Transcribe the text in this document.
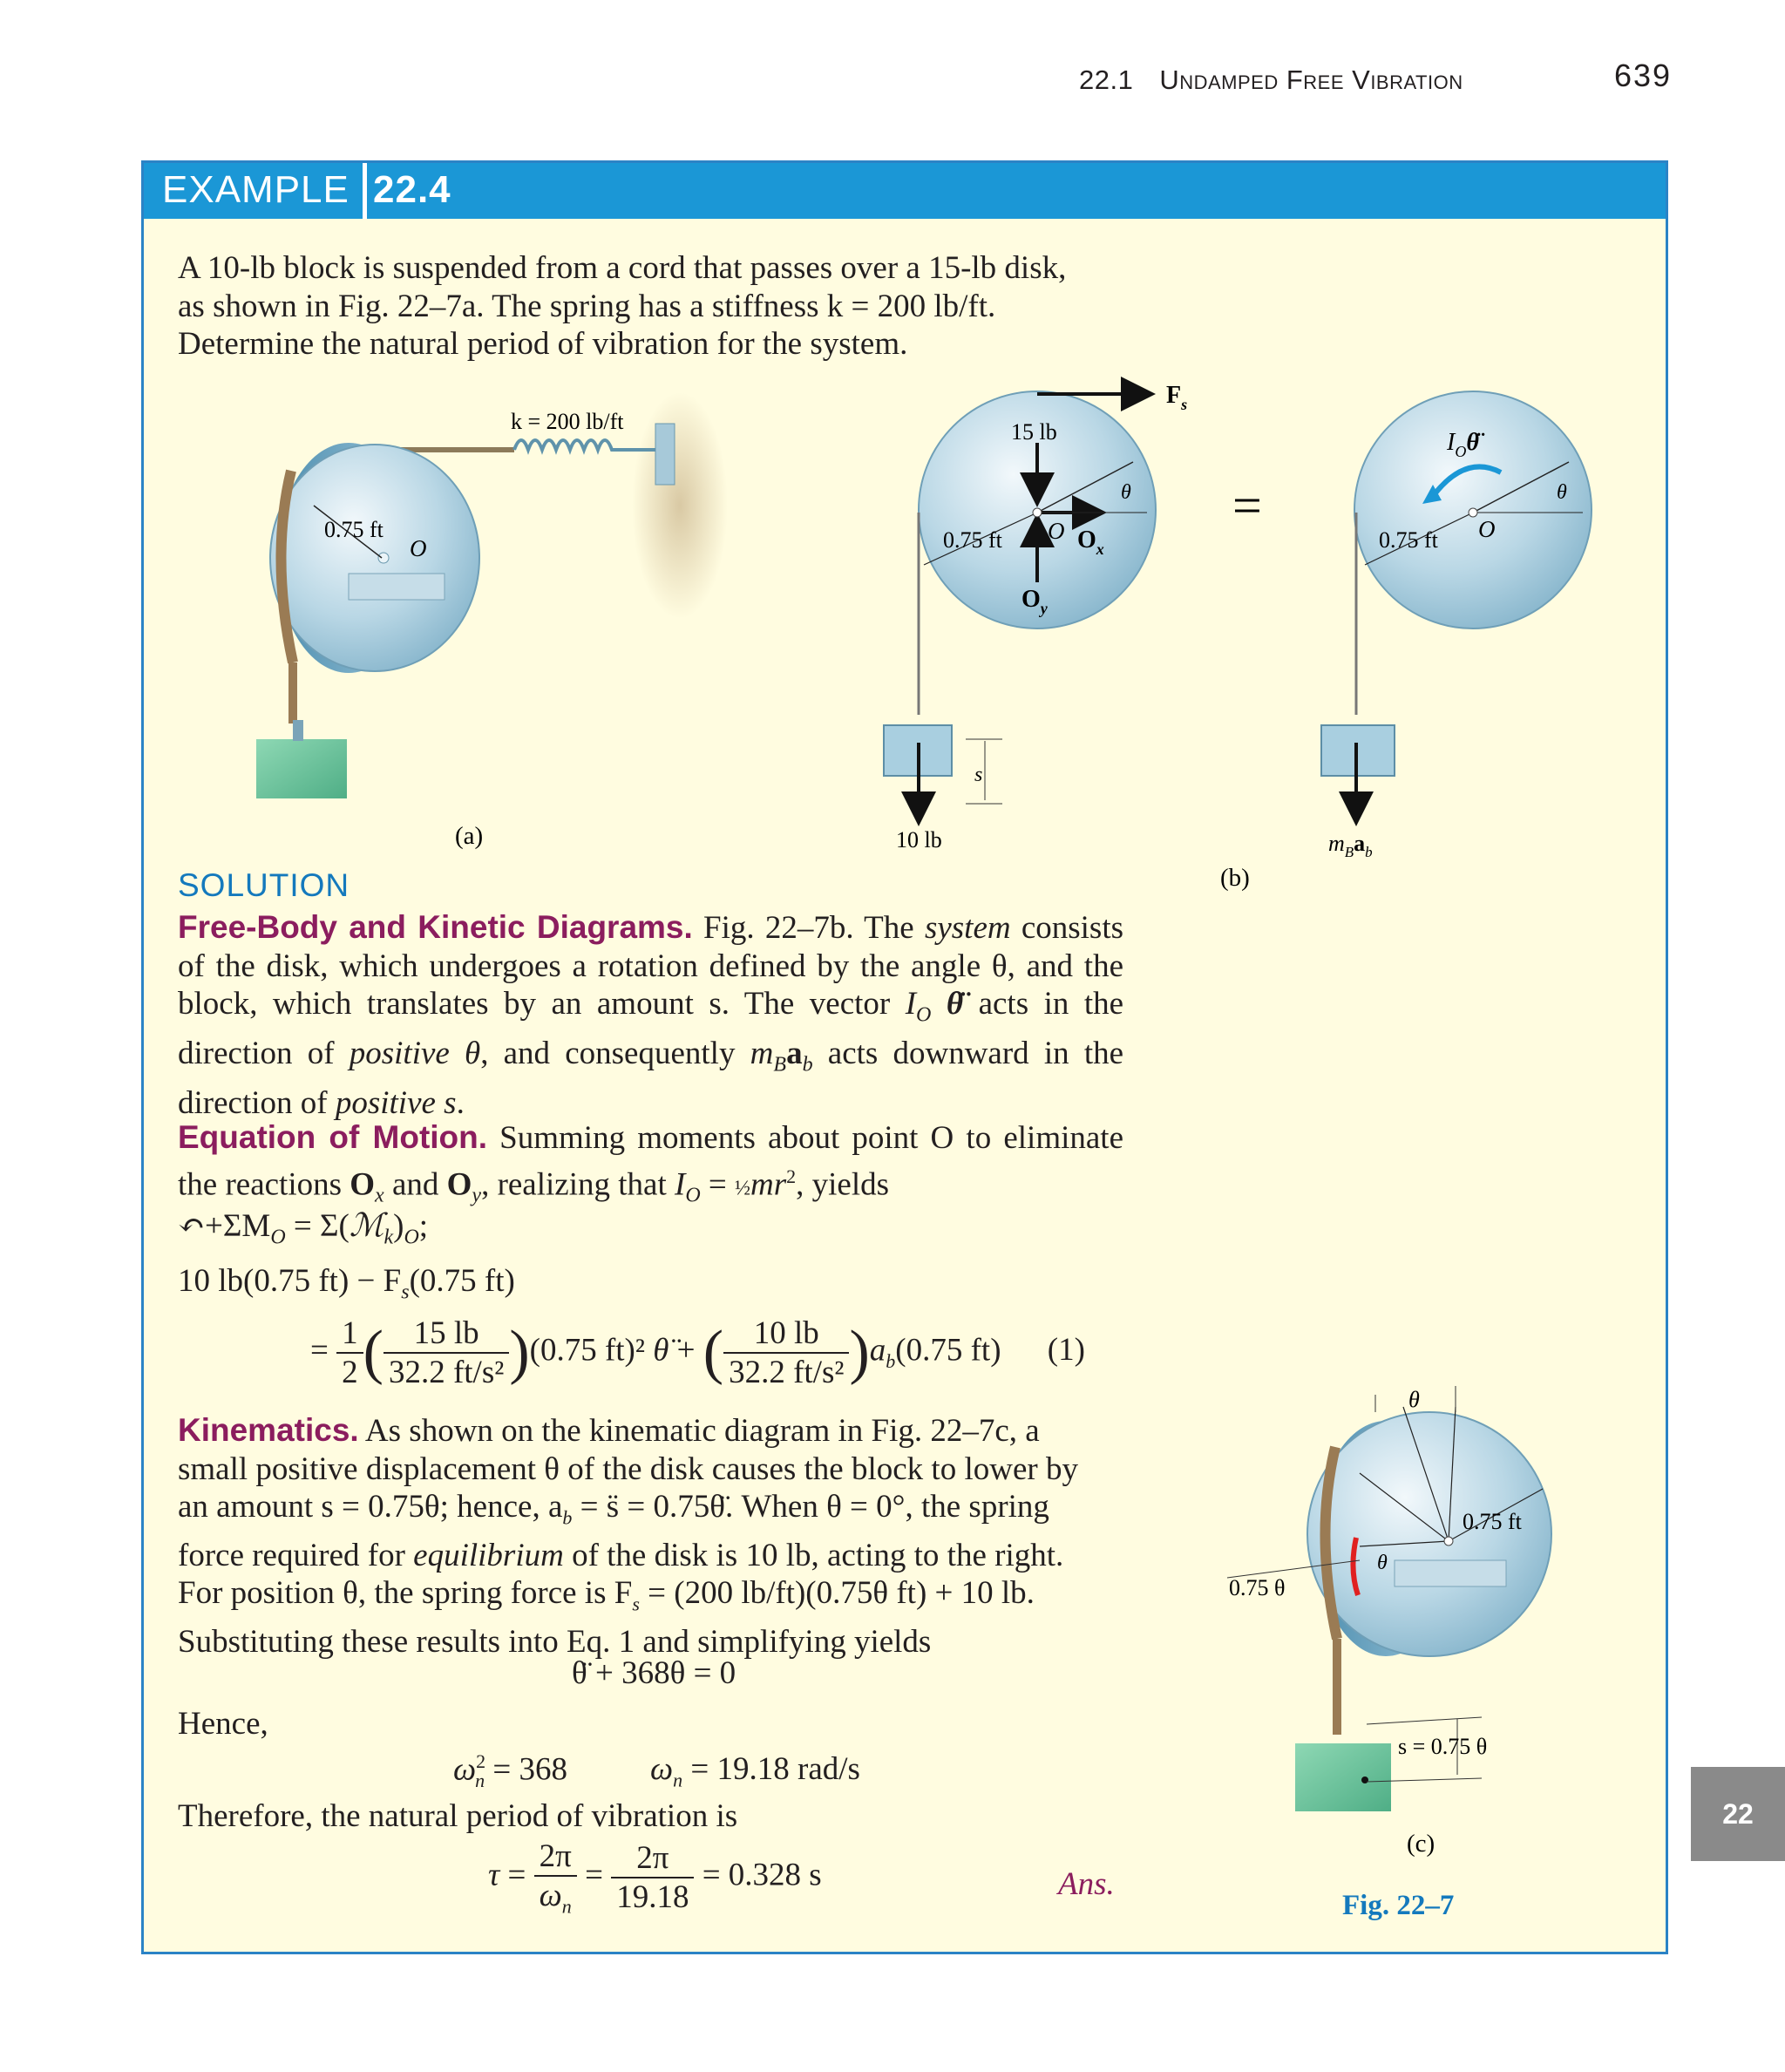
22.1 Undamped Free Vibration	639
EXAMPLE 22.4
A 10-lb block is suspended from a cord that passes over a 15-lb disk,
as shown in Fig. 22–7a. The spring has a stiffness k = 200 lb/ft.
Determine the natural period of vibration for the system.
k = 200 lb/ft
0.75 ft
O
(a)
$F_s$
15 lb
0.75 ft O $O_x$
$O_y$
θ
s
10 lb
=
$I_O\thetä$
0.75 ft O
θ
$m_Ba_b$
(b)
θ
0.75 ft
θ
0.75 θ
s = 0.75 θ
(c)
Fig. 22–7
SOLUTION
Free-Body and Kinetic Diagrams. Fig. 22–7b. The system consists of the disk, which undergoes a rotation defined by the angle θ, and the block, which translates by an amount s. The vector $I_O$ θ̈ acts in the direction of positive θ, and consequently $m_Ba_b$ acts downward in the direction of positive s.
Equation of Motion. Summing moments about point O to eliminate the reactions $O_x$ and $O_y$, realizing that $I_O$ = $\frac{1}{2}mr^2$, yields
$↶+\Sigma M_O$ = $\Sigma(ℳ_k)_O$;
10 lb(0.75 $ft) - F_s(0.75$ ft)
= $\frac{1}{2}$ ( $\frac{15 lb}{\text{32.2 ft/s²}} )(0.75$ ft)² θ̈ + ( $\frac{10 lb}{\text{32.2 ft/s²}} )a_b(0.75$ ft) (1)
Kinematics. As shown on the kinematic diagram in Fig. 22–7c, a
small positive displacement θ of the disk causes the block to lower by
an amount s = 0.75θ; hence, $a_b$ = s̈ = 0.75θ̈. When θ = 0°, the spring
force required for equilibrium of the disk is 10 lb, acting to the right.
For position θ, the spring force is $F_s = (200$ lb/ft)(0.75θ ft) + 10 lb.
Substituting these results into Eq. 1 and simplifying yields
θ̈ + 368θ = 0
Hence,
$\omega^2_n = 368$	$\omega_n = 19.18$ rad/s
Therefore, the natural period of vibration is
$\tau = \frac{2\pi}{\omega_n} = \frac{2\pi}{19.18} = 0.328$ s	Ans.
22
